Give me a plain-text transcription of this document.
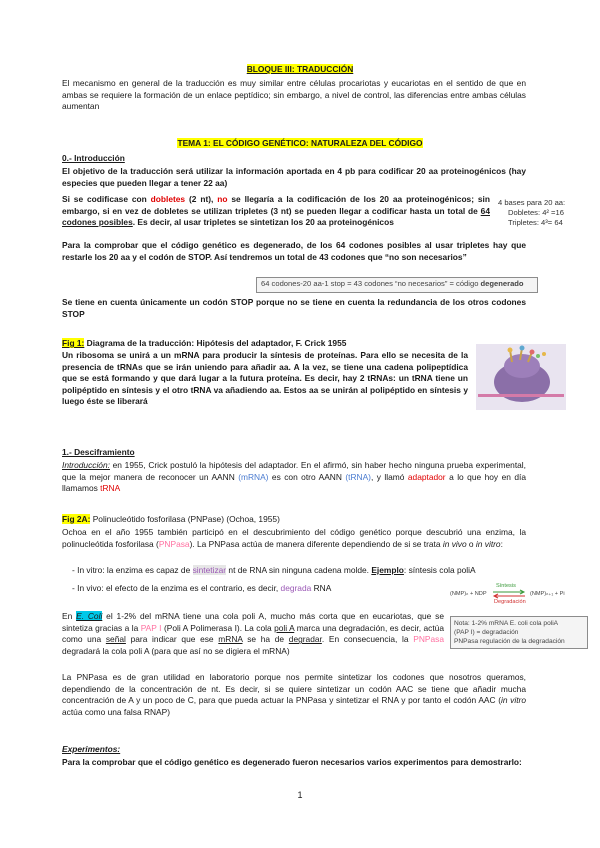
BLOQUE III: TRADUCCIÓN
El mecanismo en general de la traducción es muy similar entre células procariotas y eucariotas en el sentido de que en ambas se requiere la formación de un enlace peptídico; sin embargo, a nivel de control, las diferencias entre ambas células aumentan
TEMA 1: EL CÓDIGO GENÉTICO: NATURALEZA DEL CÓDIGO
0.- Introducción
El objetivo de la traducción será utilizar la información aportada en 4 pb para codificar 20 aa proteinogénicos (hay especies que pueden llegar a tener 22 aa)
Si se codificase con dobletes (2 nt), no se llegaría a la codificación de los 20 aa proteinogénicos; sin embargo, si en vez de dobletes se utilizan tripletes (3 nt) se pueden llegar a codificar hasta un total de 64 codones posibles. Es decir, al usar tripletes se sintetizan los 20 aa proteinogénicos
4 bases para 20 aa:
Dobletes: 4² =16
Tripletes: 4³= 64
Para la comprobar que el código genético es degenerado, de los 64 codones posibles al usar tripletes hay que restarle los 20 aa y el codón de STOP. Así tendremos un total de 43 codones que “no son necesarios”
64 codones-20 aa-1 stop = 43 codones “no necesarios” = código degenerado
Se tiene en cuenta únicamente un codón STOP porque no se tiene en cuenta la redundancia de los otros codones STOP
Fig 1: Diagrama de la traducción: Hipótesis del adaptador, F. Crick 1955
Un ribosoma se unirá a un mRNA para producir la síntesis de proteínas. Para ello se necesita de la presencia de tRNAs que se irán uniendo para añadir aa. A la vez, se tiene una cadena polipeptídica que se está formando y que dará lugar a la futura proteína. Es decir, hay 2 tRNAs: un tRNA tiene un polipéptido en síntesis y el otro tRNA va añadiendo aa. Estos aa se unirán al polipéptido en síntesis y luego éste se liberará
1.- Desciframiento
Introducción: en 1955, Crick postuló la hipótesis del adaptador. En el afirmó, sin haber hecho ninguna prueba experimental, que la mejor manera de reconocer un AANN (mRNA) es con otro AANN (tRNA), y llamó adaptador a lo que hoy en día llamamos tRNA
Fig 2A: Polinucleótido fosforilasa (PNPase) (Ochoa, 1955)
Ochoa en el año 1955 también participó en el descubrimiento del código genético porque descubrió una enzima, la polinucleótida fosforilasa (PNPasa). La PNPasa actúa de manera diferente dependiendo de si se trata in vivo o in vitro:
- In vitro: la enzima es capaz de sintetizar nt de RNA sin ninguna cadena molde. Ejemplo: síntesis cola poliA
- In vivo: el efecto de la enzima es el contrario, es decir, degrada RNA
(NMP)ₙ + NDP
Síntesis
Degradación
(NMP)ₙ₊₁ + Pi
En E. Coli el 1-2% del mRNA tiene una cola poli A, mucho más corta que en eucariotas, que se sintetiza gracias a la PAP I (Poli A Polimerasa I). La cola poli A marca una degradación, es decir, actúa como una señal para indicar que ese mRNA se ha de degradar. En consecuencia, la PNPasa degradará la cola poli A (para que así no se digiera el mRNA)
Nota: 1-2% mRNA E. coli cola poliA
(PAP I) = degradación
PNPasa regulación de la degradación
La PNPasa es de gran utilidad en laboratorio porque nos permite sintetizar los codones que nosotros queramos, dependiendo de la concentración de nt. Es decir, si se quiere sintetizar un codón AAC se tiene que añadir mucha concentración de A y un poco de C, para que pueda actuar la PNPasa y sintetizar el RNA y por tanto el codón AAC (in vitro actúa como una falsa RNAP)
Experimentos:
Para la comprobar que el código genético es degenerado fueron necesarios varios experimentos para demostrarlo:
1
